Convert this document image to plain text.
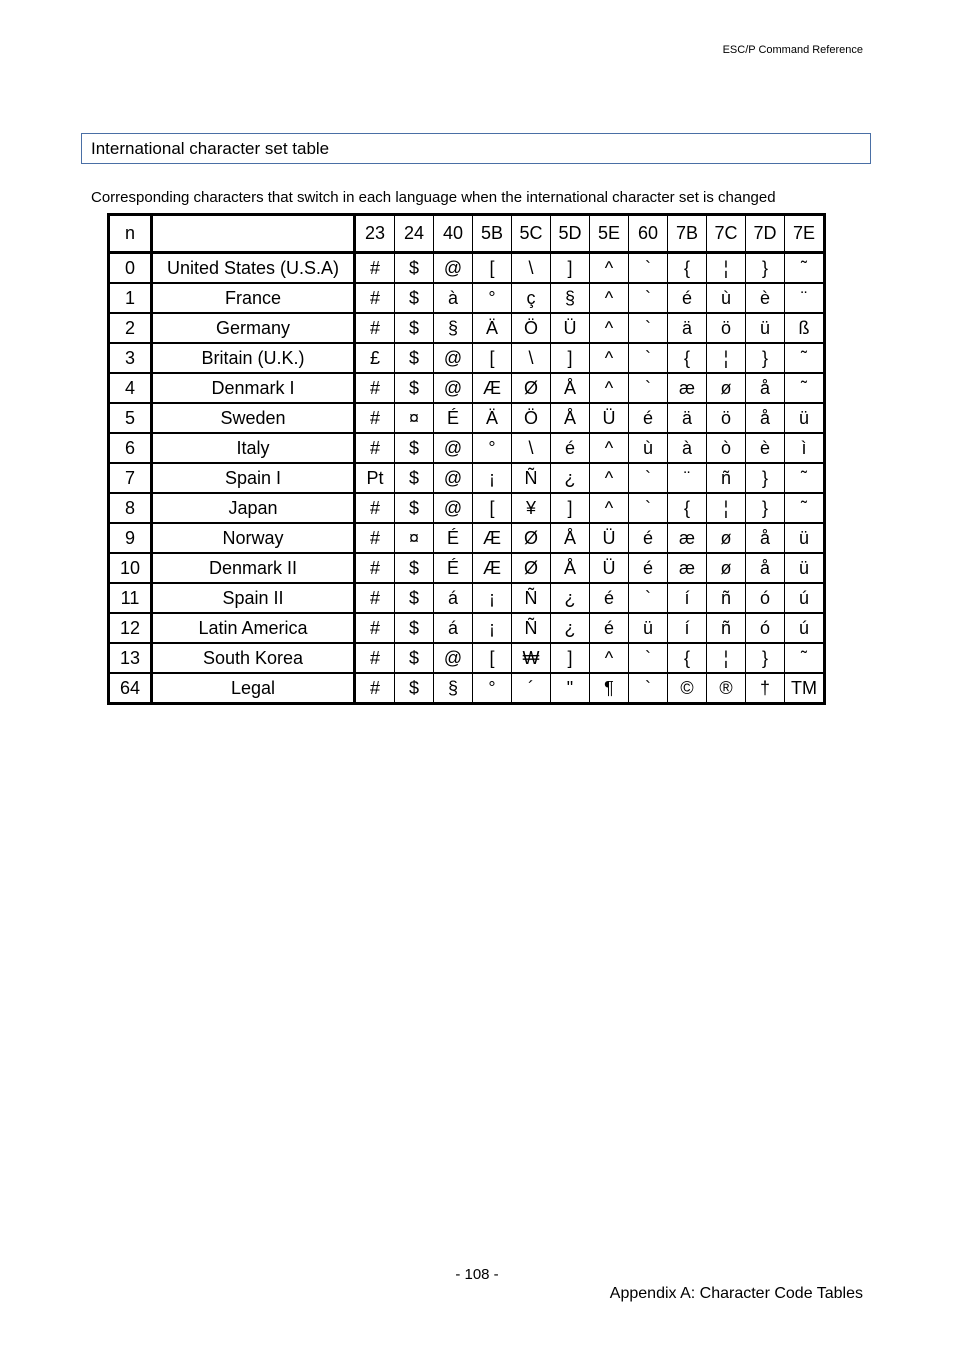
ESC/P Command Reference
International character set table
Corresponding characters that switch in each language when the international character set is changed
n		23	24	40	5B	5C	5D	5E	60	7B	7C	7D	7E
0	United States (U.S.A)	#	$	@	[	\	]	^	`	{	¦	}	˜
1	France	#	$	à	°	ç	§	^	`	é	ù	è	¨
2	Germany	#	$	§	Ä	Ö	Ü	^	`	ä	ö	ü	ß
3	Britain (U.K.)	£	$	@	[	\	]	^	`	{	¦	}	˜
4	Denmark I	#	$	@	Æ	Ø	Å	^	`	æ	ø	å	˜
5	Sweden	#	¤	É	Ä	Ö	Å	Ü	é	ä	ö	å	ü
6	Italy	#	$	@	°	\	é	^	ù	à	ò	è	ì
7	Spain I	Pt	$	@	¡	Ñ	¿	^	`	¨	ñ	}	˜
8	Japan	#	$	@	[	¥	]	^	`	{	¦	}	˜
9	Norway	#	¤	É	Æ	Ø	Å	Ü	é	æ	ø	å	ü
10	Denmark II	#	$	É	Æ	Ø	Å	Ü	é	æ	ø	å	ü
11	Spain II	#	$	á	¡	Ñ	¿	é	`	í	ñ	ó	ú
12	Latin America	#	$	á	¡	Ñ	¿	é	ü	í	ñ	ó	ú
13	South Korea	#	$	@	[	₩	]	^	`	{	¦	}	˜
64	Legal	#	$	§	°	´	"	¶	`	©	®	†	TM
- 108 -
Appendix A: Character Code Tables
